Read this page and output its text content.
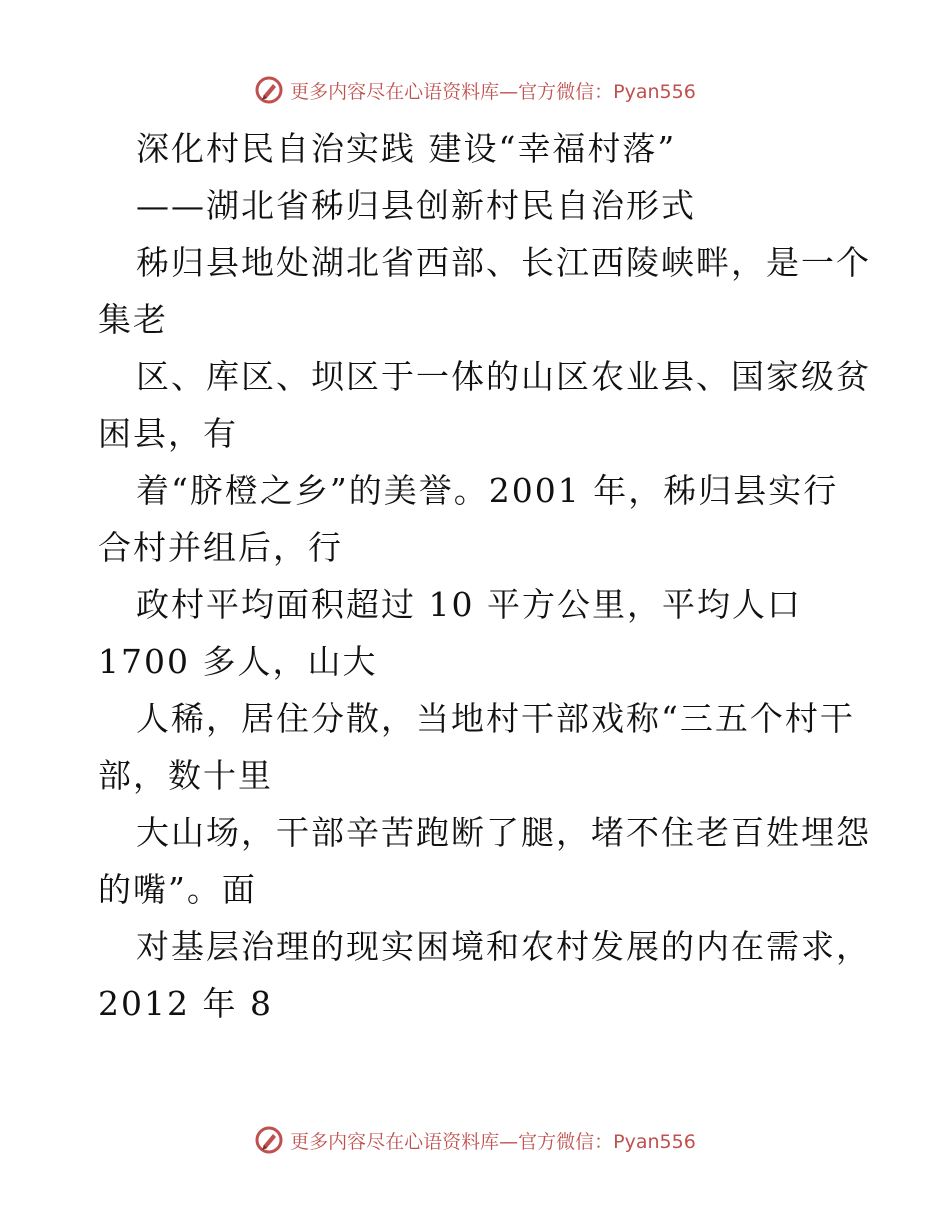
更多内容尽在心语资料库—官方微信：Pyan556
深化村民自治实践 建设“幸福村落”
——湖北省秭归县创新村民自治形式
秭归县地处湖北省西部、长江西陵峡畔，是一个
集老
区、库区、坝区于一体的山区农业县、国家级贫
困县，有
着“脐橙之乡”的美誉。2001 年，秭归县实行
合村并组后，行
政村平均面积超过 10 平方公里，平均人口
1700 多人，山大
人稀，居住分散，当地村干部戏称“三五个村干
部，数十里
大山场，干部辛苦跑断了腿，堵不住老百姓埋怨
的嘴”。面
对基层治理的现实困境和农村发展的内在需求，
2012 年 8
更多内容尽在心语资料库—官方微信：Pyan556
